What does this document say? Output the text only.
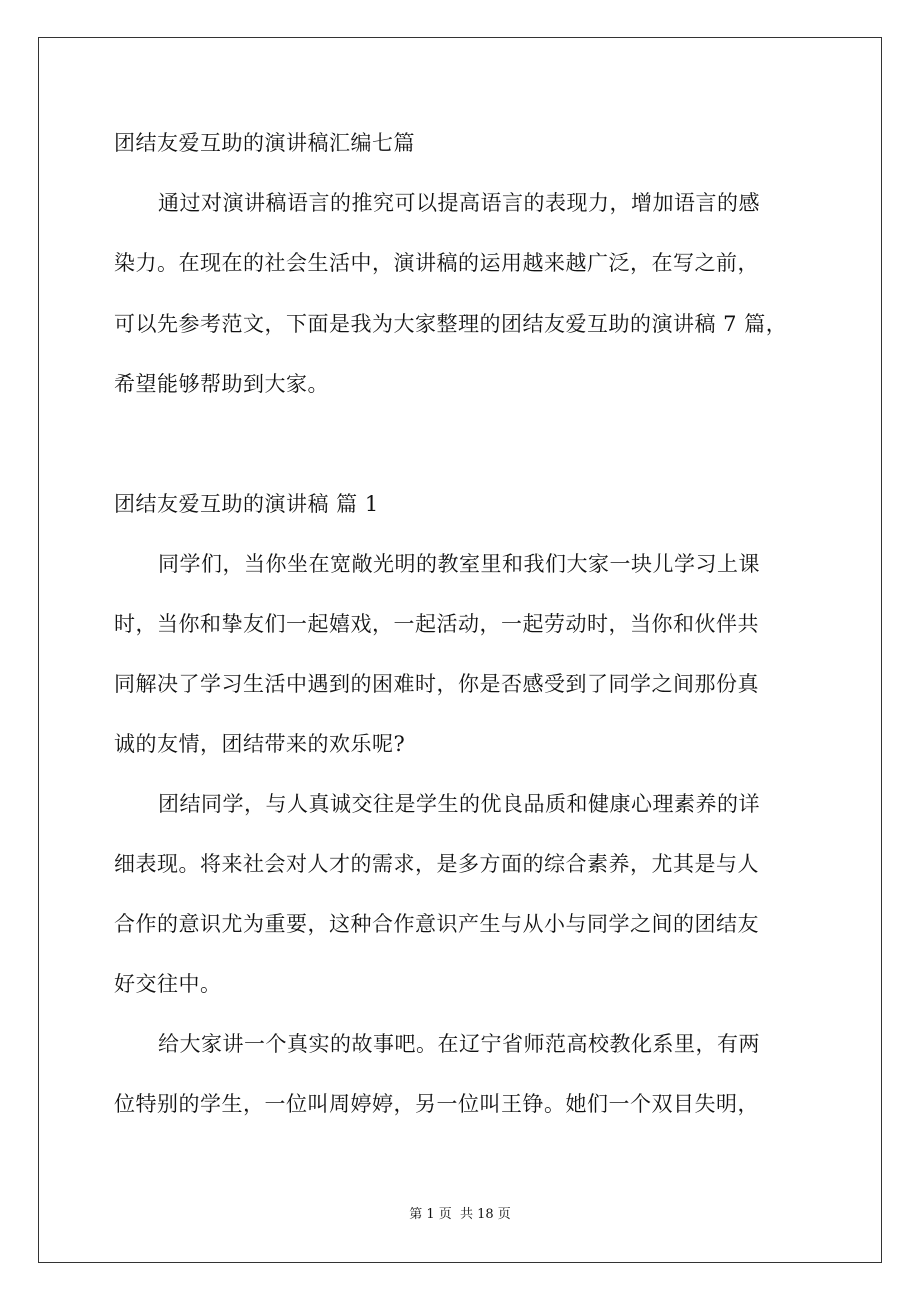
团结友爱互助的演讲稿汇编七篇
通过对演讲稿语言的推究可以提高语言的表现力，增加语言的感
染力。在现在的社会生活中，演讲稿的运用越来越广泛，在写之前，
可以先参考范文，下面是我为大家整理的团结友爱互助的演讲稿 7 篇，
希望能够帮助到大家。
团结友爱互助的演讲稿 篇 1
同学们，当你坐在宽敞光明的教室里和我们大家一块儿学习上课
时，当你和挚友们一起嬉戏，一起活动，一起劳动时，当你和伙伴共
同解决了学习生活中遇到的困难时，你是否感受到了同学之间那份真
诚的友情，团结带来的欢乐呢?
团结同学，与人真诚交往是学生的优良品质和健康心理素养的详
细表现。将来社会对人才的需求，是多方面的综合素养，尤其是与人
合作的意识尤为重要，这种合作意识产生与从小与同学之间的团结友
好交往中。
给大家讲一个真实的故事吧。在辽宁省师范高校教化系里，有两
位特别的学生，一位叫周婷婷，另一位叫王铮。她们一个双目失明，
第 1 页 共 18 页
